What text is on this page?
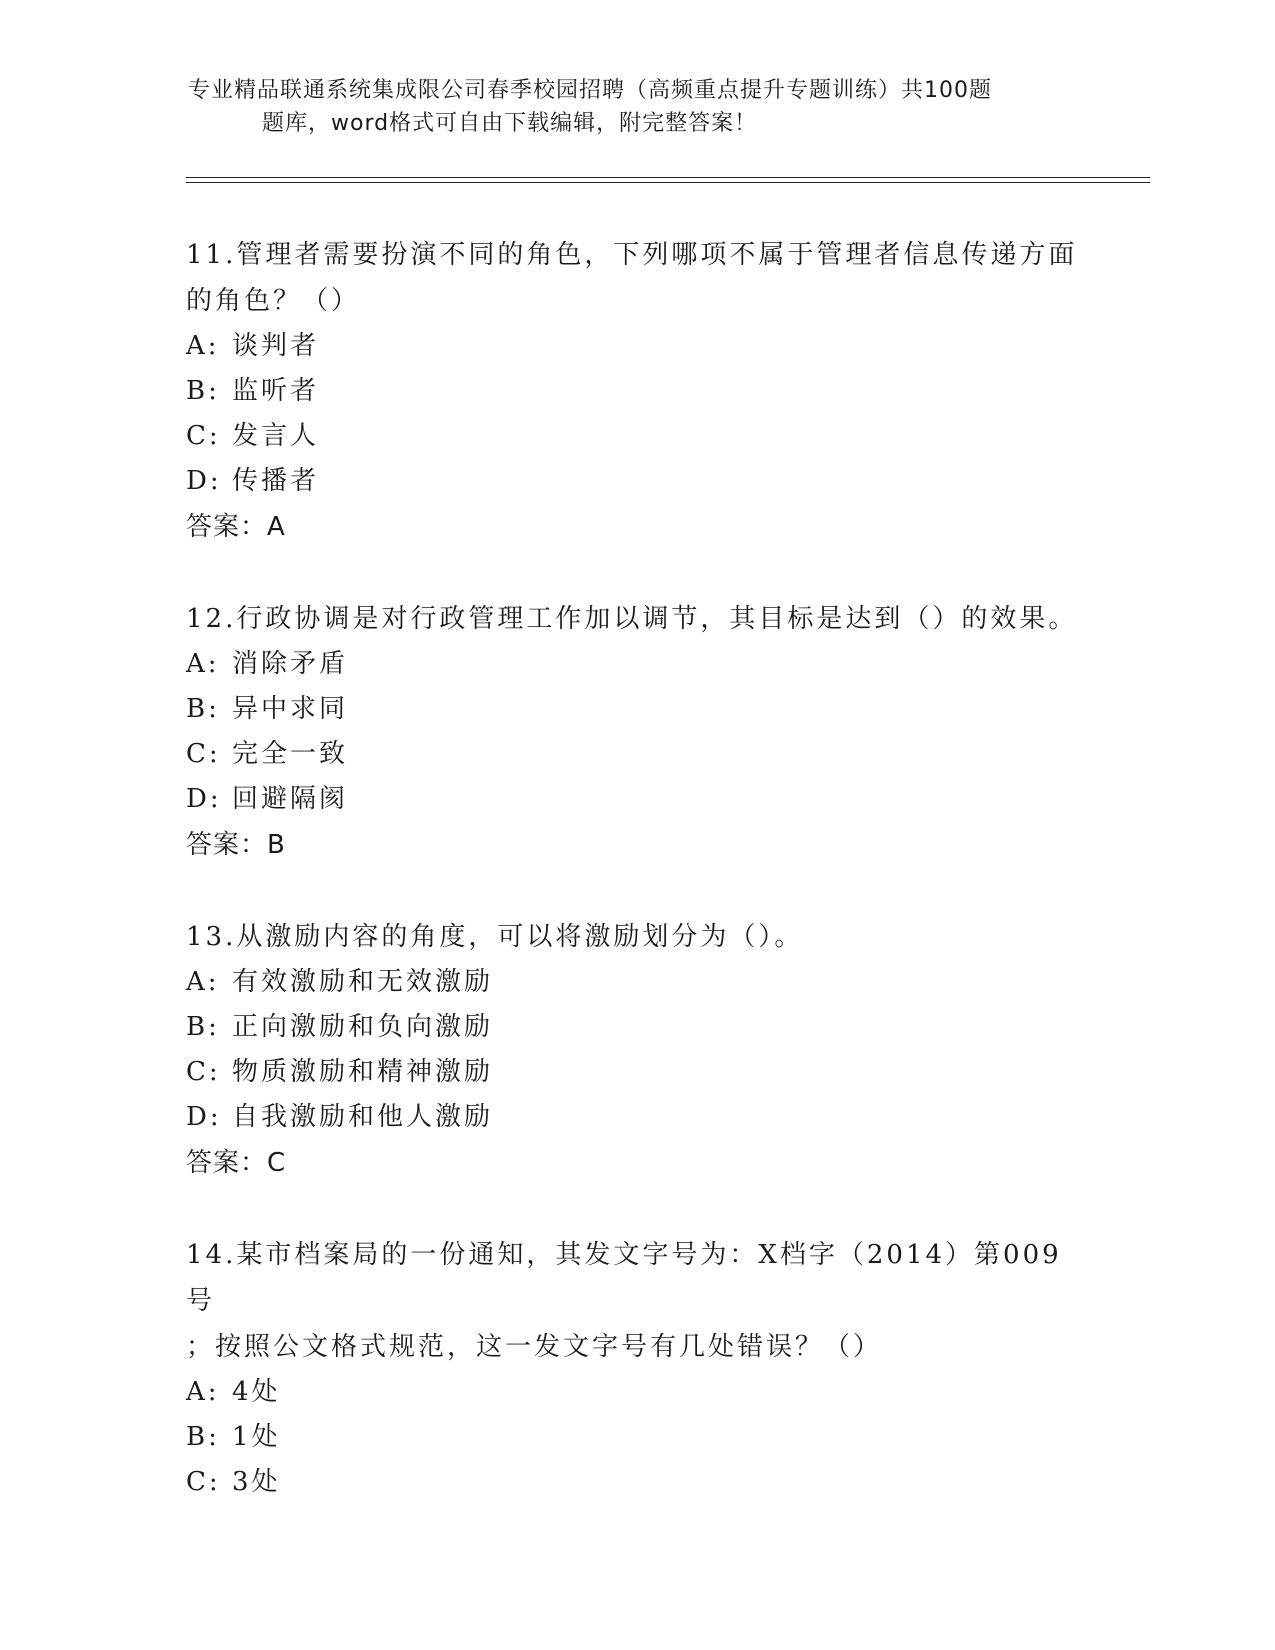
专业精品联通系统集成限公司春季校园招聘（高频重点提升专题训练）共100题
题库，word格式可自由下载编辑，附完整答案！
11.管理者需要扮演不同的角色，下列哪项不属于管理者信息传递方面
的角色？（）
A: 谈判者
B: 监听者
C: 发言人
D: 传播者
答案：A
12.行政协调是对行政管理工作加以调节，其目标是达到（）的效果。
A: 消除矛盾
B: 异中求同
C: 完全一致
D: 回避隔阂
答案：B
13.从激励内容的角度，可以将激励划分为（）。
A: 有效激励和无效激励
B: 正向激励和负向激励
C: 物质激励和精神激励
D: 自我激励和他人激励
答案：C
14.某市档案局的一份通知，其发文字号为：X档字（2014）第009号
；按照公文格式规范，这一发文字号有几处错误？（）
A: 4处
B: 1处
C: 3处
